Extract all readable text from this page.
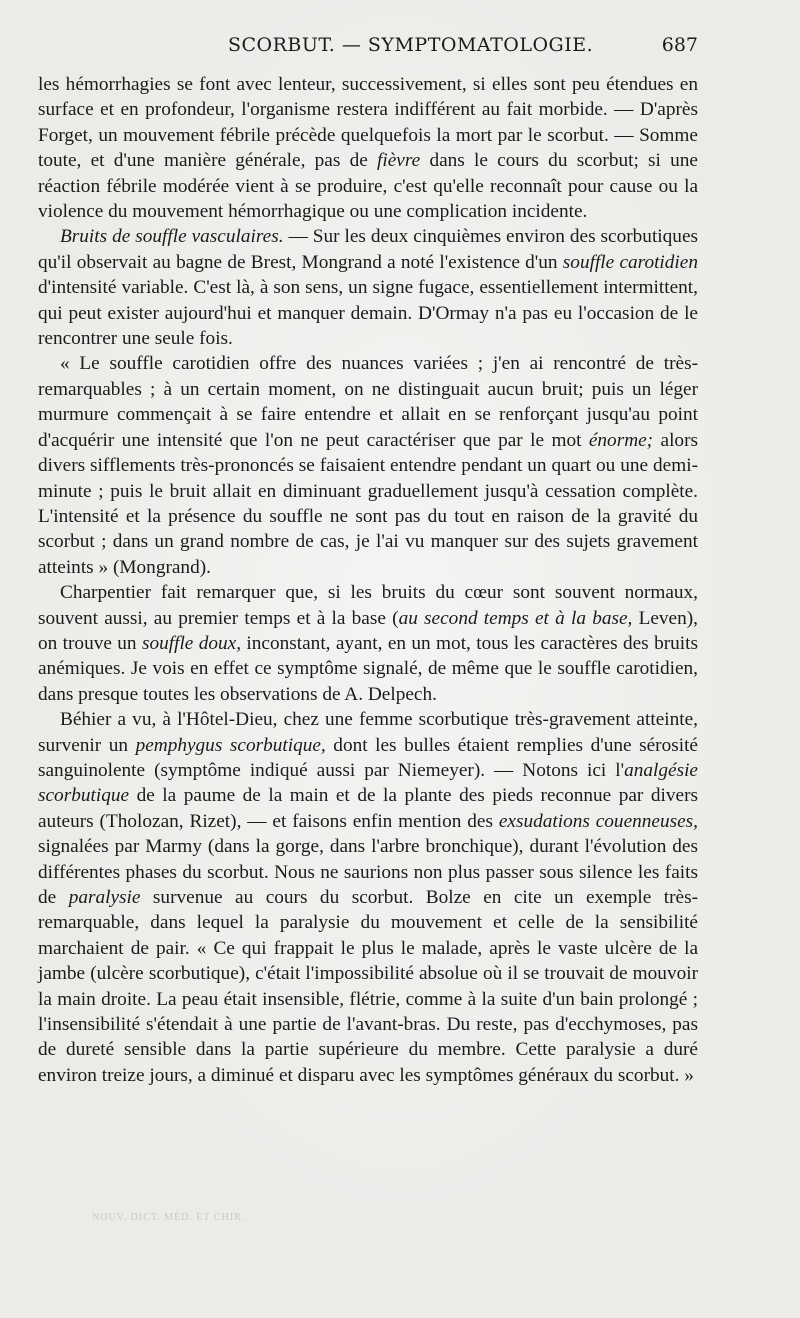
SCORBUT. — SYMPTOMATOLOGIE.	687

les hémorrhagies se font avec lenteur, successivement, si elles sont peu étendues en surface et en profondeur, l'organisme restera indifférent au fait morbide. — D'après Forget, un mouvement fébrile précède quelquefois la mort par le scorbut. — Somme toute, et d'une manière générale, pas de fièvre dans le cours du scorbut; si une réaction fébrile modérée vient à se produire, c'est qu'elle reconnaît pour cause ou la violence du mouvement hémorrhagique ou une complication incidente.

Bruits de souffle vasculaires. — Sur les deux cinquièmes environ des scorbutiques qu'il observait au bagne de Brest, Mongrand a noté l'existence d'un souffle carotidien d'intensité variable. C'est là, à son sens, un signe fugace, essentiellement intermittent, qui peut exister aujourd'hui et manquer demain. D'Ormay n'a pas eu l'occasion de le rencontrer une seule fois.

« Le souffle carotidien offre des nuances variées ; j'en ai rencontré de très-remarquables ; à un certain moment, on ne distinguait aucun bruit; puis un léger murmure commençait à se faire entendre et allait en se renforçant jusqu'au point d'acquérir une intensité que l'on ne peut caractériser que par le mot énorme; alors divers sifflements très-prononcés se faisaient entendre pendant un quart ou une demi-minute ; puis le bruit allait en diminuant graduellement jusqu'à cessation complète. L'intensité et la présence du souffle ne sont pas du tout en raison de la gravité du scorbut ; dans un grand nombre de cas, je l'ai vu manquer sur des sujets gravement atteints » (Mongrand).

Charpentier fait remarquer que, si les bruits du cœur sont souvent normaux, souvent aussi, au premier temps et à la base (au second temps et à la base, Leven), on trouve un souffle doux, inconstant, ayant, en un mot, tous les caractères des bruits anémiques. Je vois en effet ce symptôme signalé, de même que le souffle carotidien, dans presque toutes les observations de A. Delpech.

Béhier a vu, à l'Hôtel-Dieu, chez une femme scorbutique très-gravement atteinte, survenir un pemphygus scorbutique, dont les bulles étaient remplies d'une sérosité sanguinolente (symptôme indiqué aussi par Niemeyer). — Notons ici l'analgésie scorbutique de la paume de la main et de la plante des pieds reconnue par divers auteurs (Tholozan, Rizet), — et faisons enfin mention des exsudations couenneuses, signalées par Marmy (dans la gorge, dans l'arbre bronchique), durant l'évolution des différentes phases du scorbut. Nous ne saurions non plus passer sous silence les faits de paralysie survenue au cours du scorbut. Bolze en cite un exemple très-remarquable, dans lequel la paralysie du mouvement et celle de la sensibilité marchaient de pair. « Ce qui frappait le plus le malade, après le vaste ulcère de la jambe (ulcère scorbutique), c'était l'impossibilité absolue où il se trouvait de mouvoir la main droite. La peau était insensible, flétrie, comme à la suite d'un bain prolongé ; l'insensibilité s'étendait à une partie de l'avant-bras. Du reste, pas d'ecchymoses, pas de dureté sensible dans la partie supérieure du membre. Cette paralysie a duré environ treize jours, a diminué et disparu avec les symptômes généraux du scorbut. »

NOUV. DICT. MÉD. ET CHIR.
